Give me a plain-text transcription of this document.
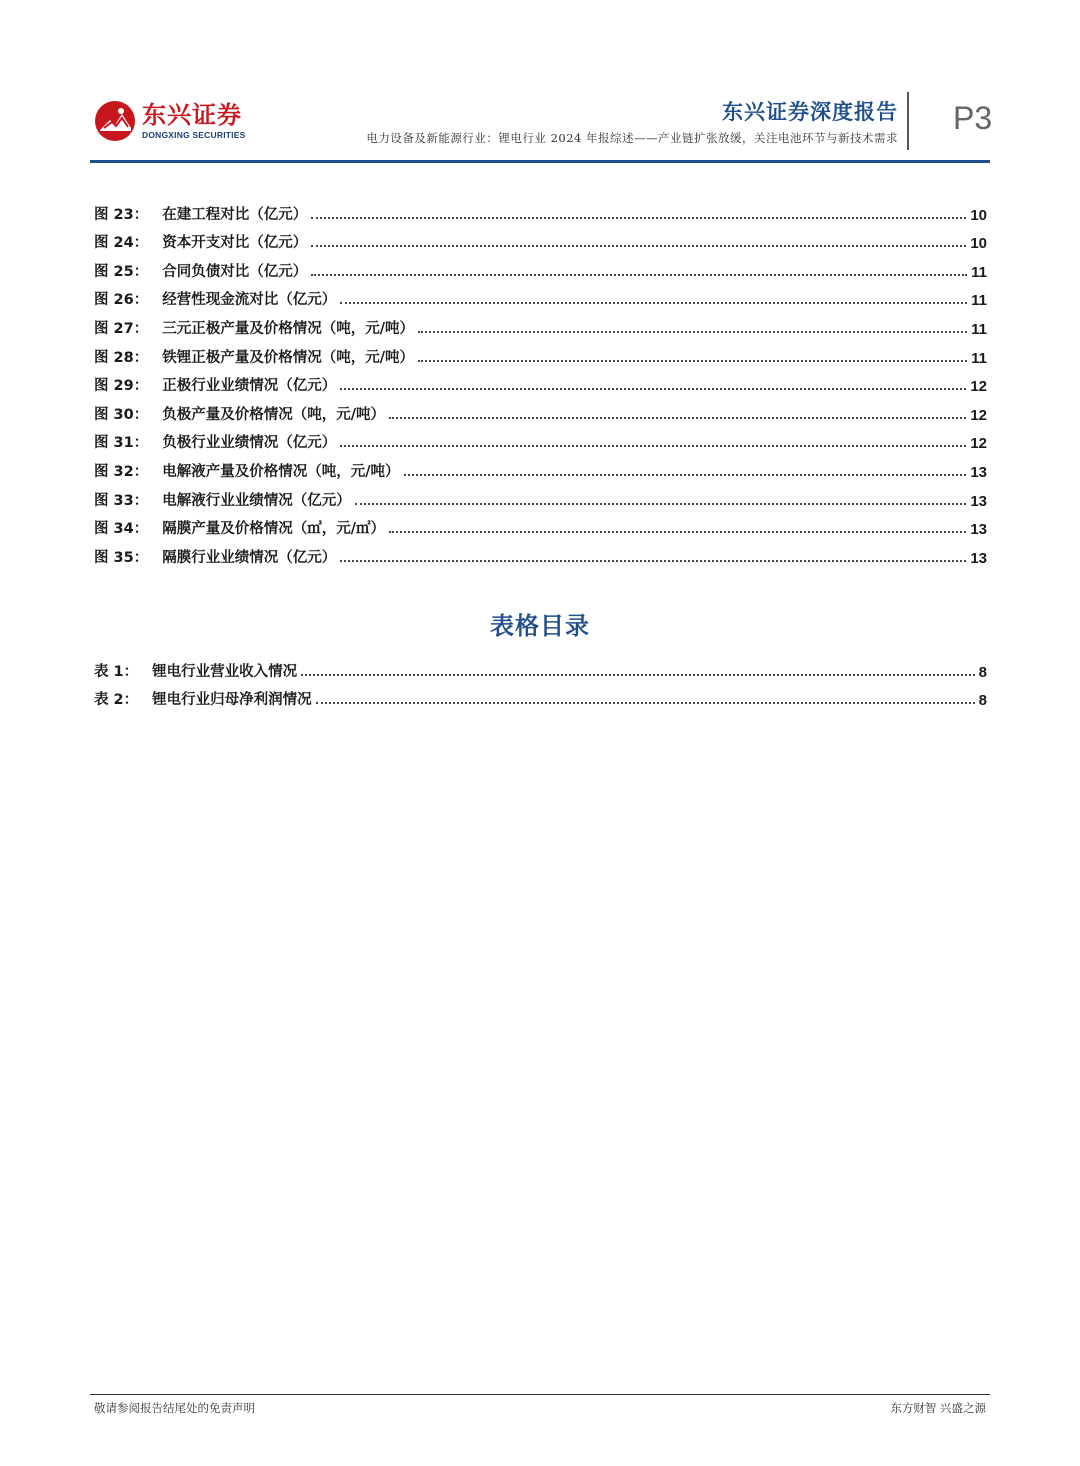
东兴证券
DONGXING SECURITIES
东兴证券深度报告
电力设备及新能源行业：锂电行业 2024 年报综述——产业链扩张放缓，关注电池环节与新技术需求
P3
图 23： 在建工程对比（亿元）	10
图 24： 资本开支对比（亿元）	10
图 25： 合同负债对比（亿元）	11
图 26： 经营性现金流对比（亿元）	11
图 27： 三元正极产量及价格情况（吨，元/吨）	11
图 28： 铁锂正极产量及价格情况（吨，元/吨）	11
图 29： 正极行业业绩情况（亿元）	12
图 30： 负极产量及价格情况（吨，元/吨）	12
图 31： 负极行业业绩情况（亿元）	12
图 32： 电解液产量及价格情况（吨，元/吨）	13
图 33： 电解液行业业绩情况（亿元）	13
图 34： 隔膜产量及价格情况（㎡，元/㎡）	13
图 35： 隔膜行业业绩情况（亿元）	13
表格目录
表 1： 锂电行业营业收入情况	8
表 2： 锂电行业归母净利润情况	8
敬请参阅报告结尾处的免责声明	东方财智 兴盛之源
